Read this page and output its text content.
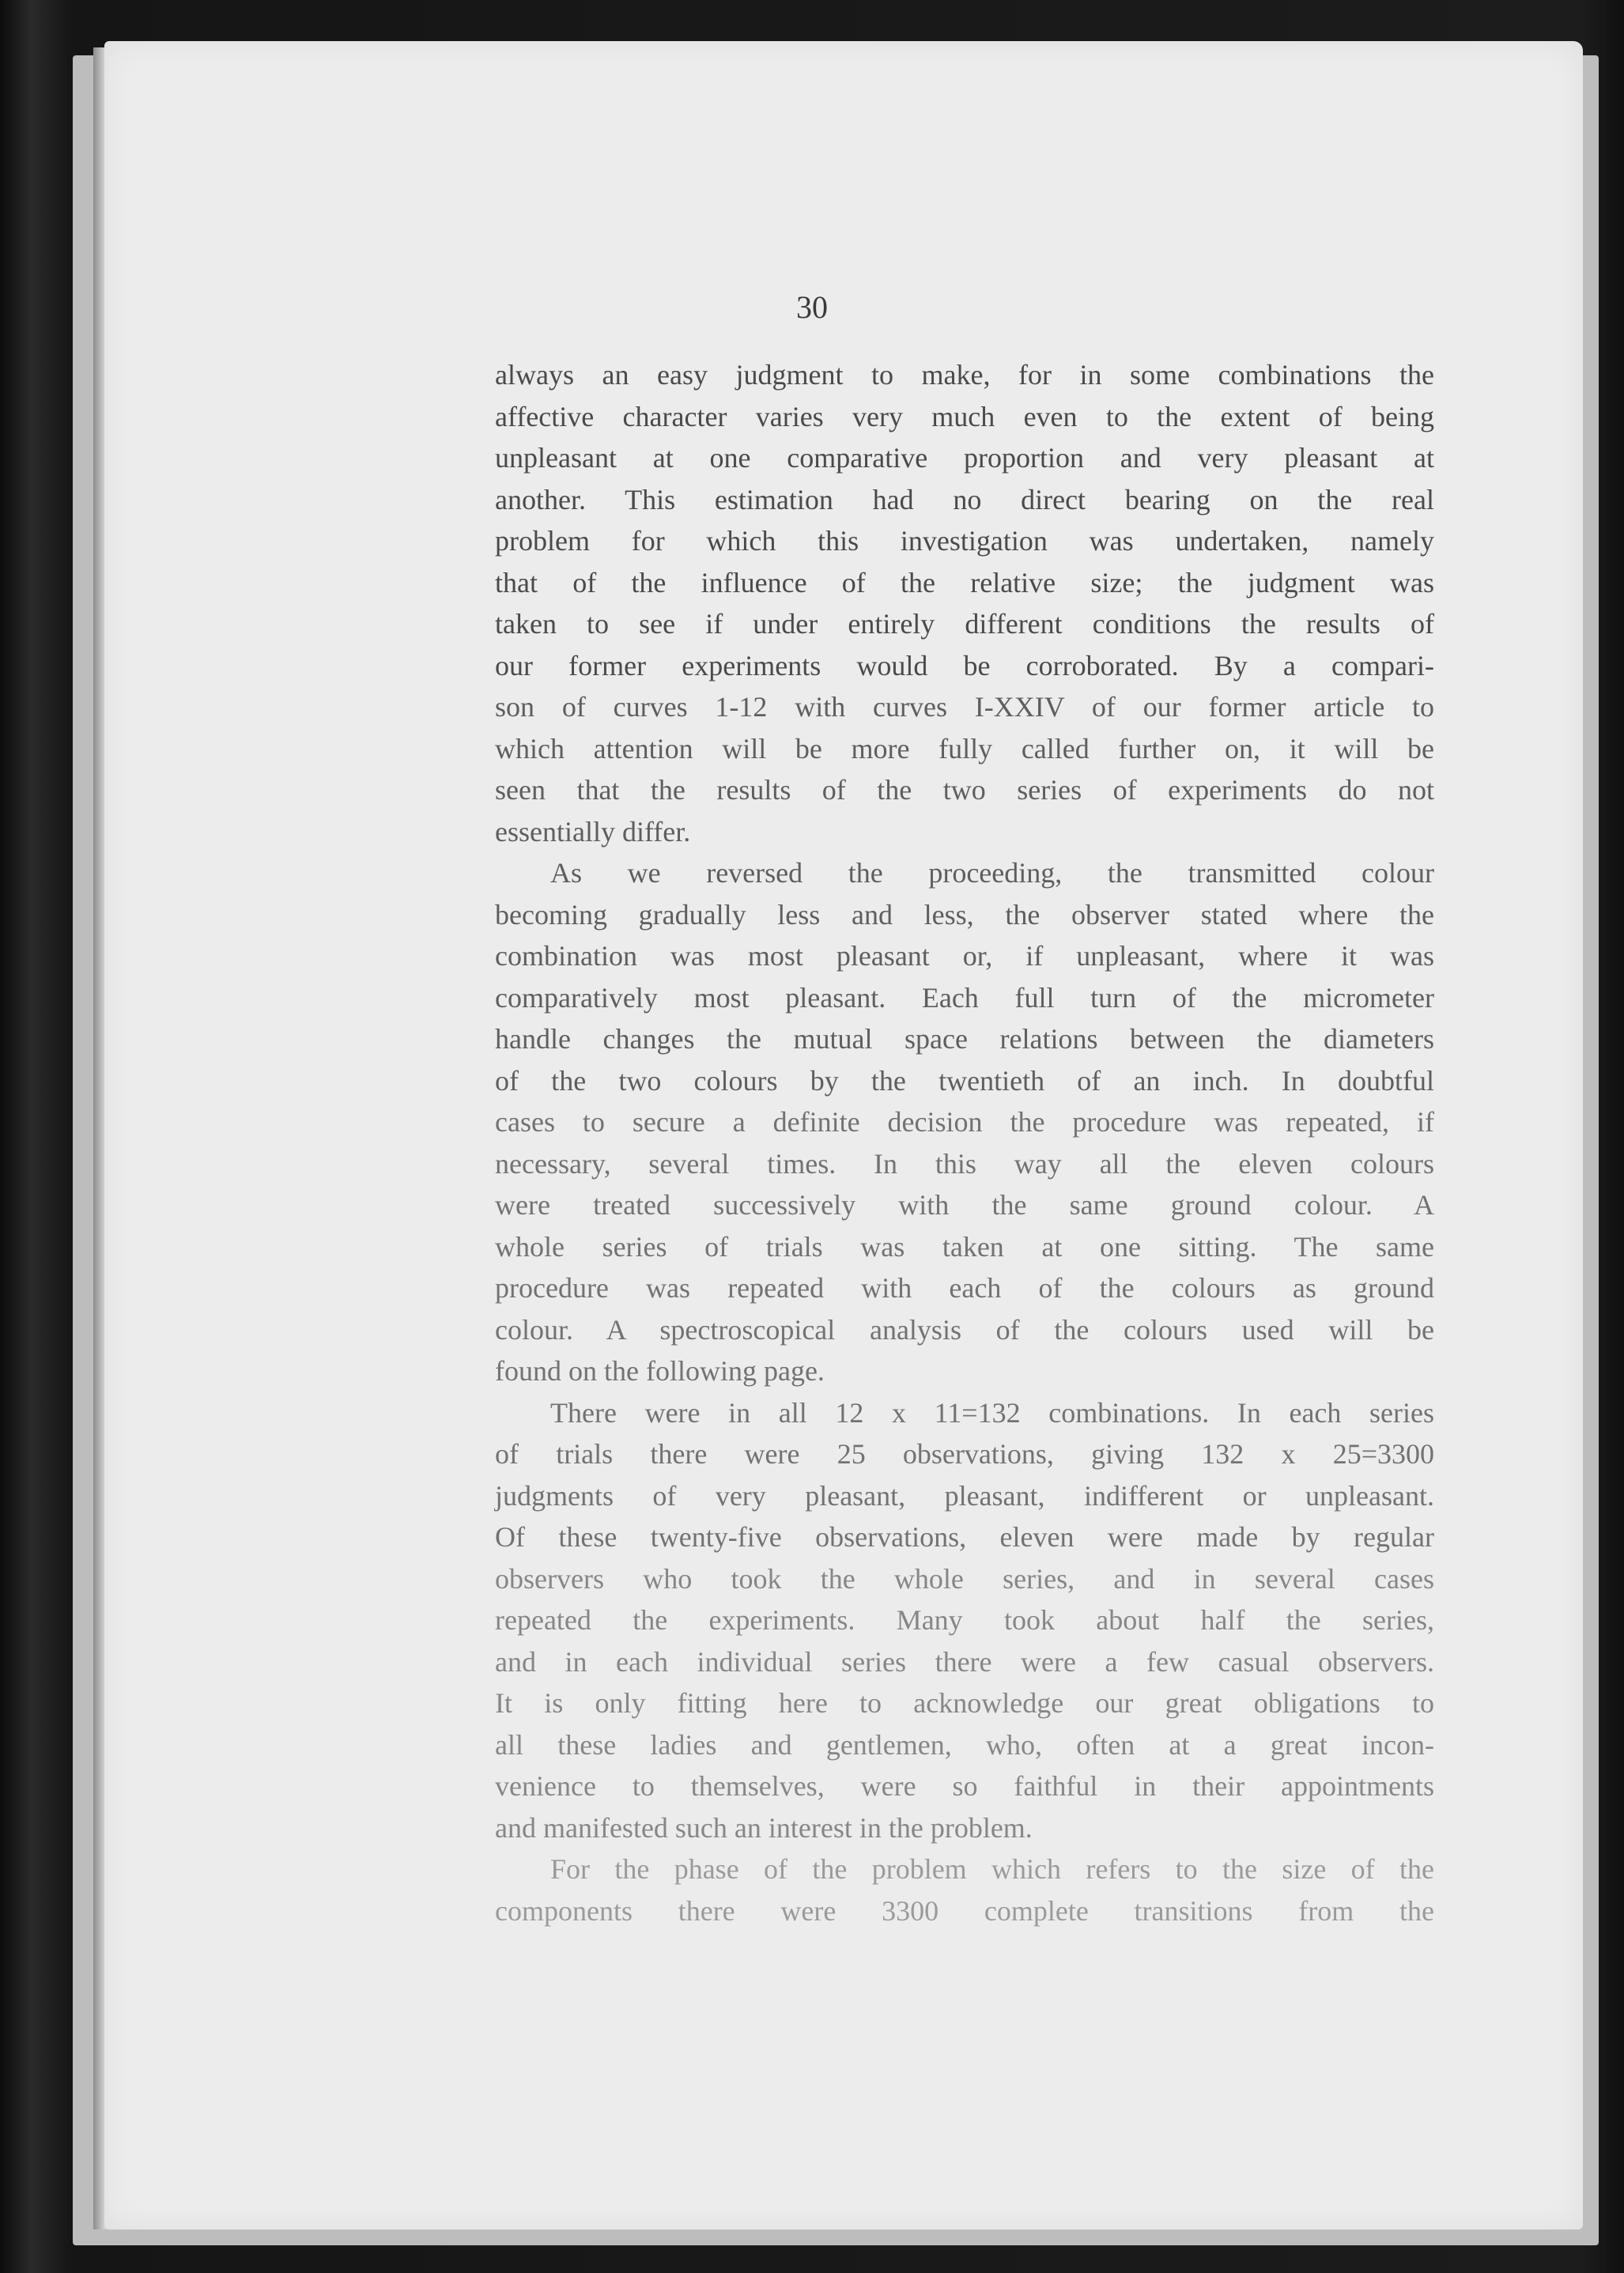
30
always an easy judgment to make, for in some combinations the
affective character varies very much even to the extent of being
unpleasant at one comparative proportion and very pleasant at
another. This estimation had no direct bearing on the real
problem for which this investigation was undertaken, namely
that of the influence of the relative size; the judgment was
taken to see if under entirely different conditions the results of
our former experiments would be corroborated. By a compari-
son of curves 1-12 with curves I-XXIV of our former article to
which attention will be more fully called further on, it will be
seen that the results of the two series of experiments do not
essentially differ.
As we reversed the proceeding, the transmitted colour
becoming gradually less and less, the observer stated where the
combination was most pleasant or, if unpleasant, where it was
comparatively most pleasant. Each full turn of the micrometer
handle changes the mutual space relations between the diameters
of the two colours by the twentieth of an inch. In doubtful
cases to secure a definite decision the procedure was repeated, if
necessary, several times. In this way all the eleven colours
were treated successively with the same ground colour. A
whole series of trials was taken at one sitting. The same
procedure was repeated with each of the colours as ground
colour. A spectroscopical analysis of the colours used will be
found on the following page.
There were in all 12 x 11=132 combinations. In each series
of trials there were 25 observations, giving 132 x 25=3300
judgments of very pleasant, pleasant, indifferent or unpleasant.
Of these twenty-five observations, eleven were made by regular
observers who took the whole series, and in several cases
repeated the experiments. Many took about half the series,
and in each individual series there were a few casual observers.
It is only fitting here to acknowledge our great obligations to
all these ladies and gentlemen, who, often at a great incon-
venience to themselves, were so faithful in their appointments
and manifested such an interest in the problem.
For the phase of the problem which refers to the size of the
components there were 3300 complete transitions from the
